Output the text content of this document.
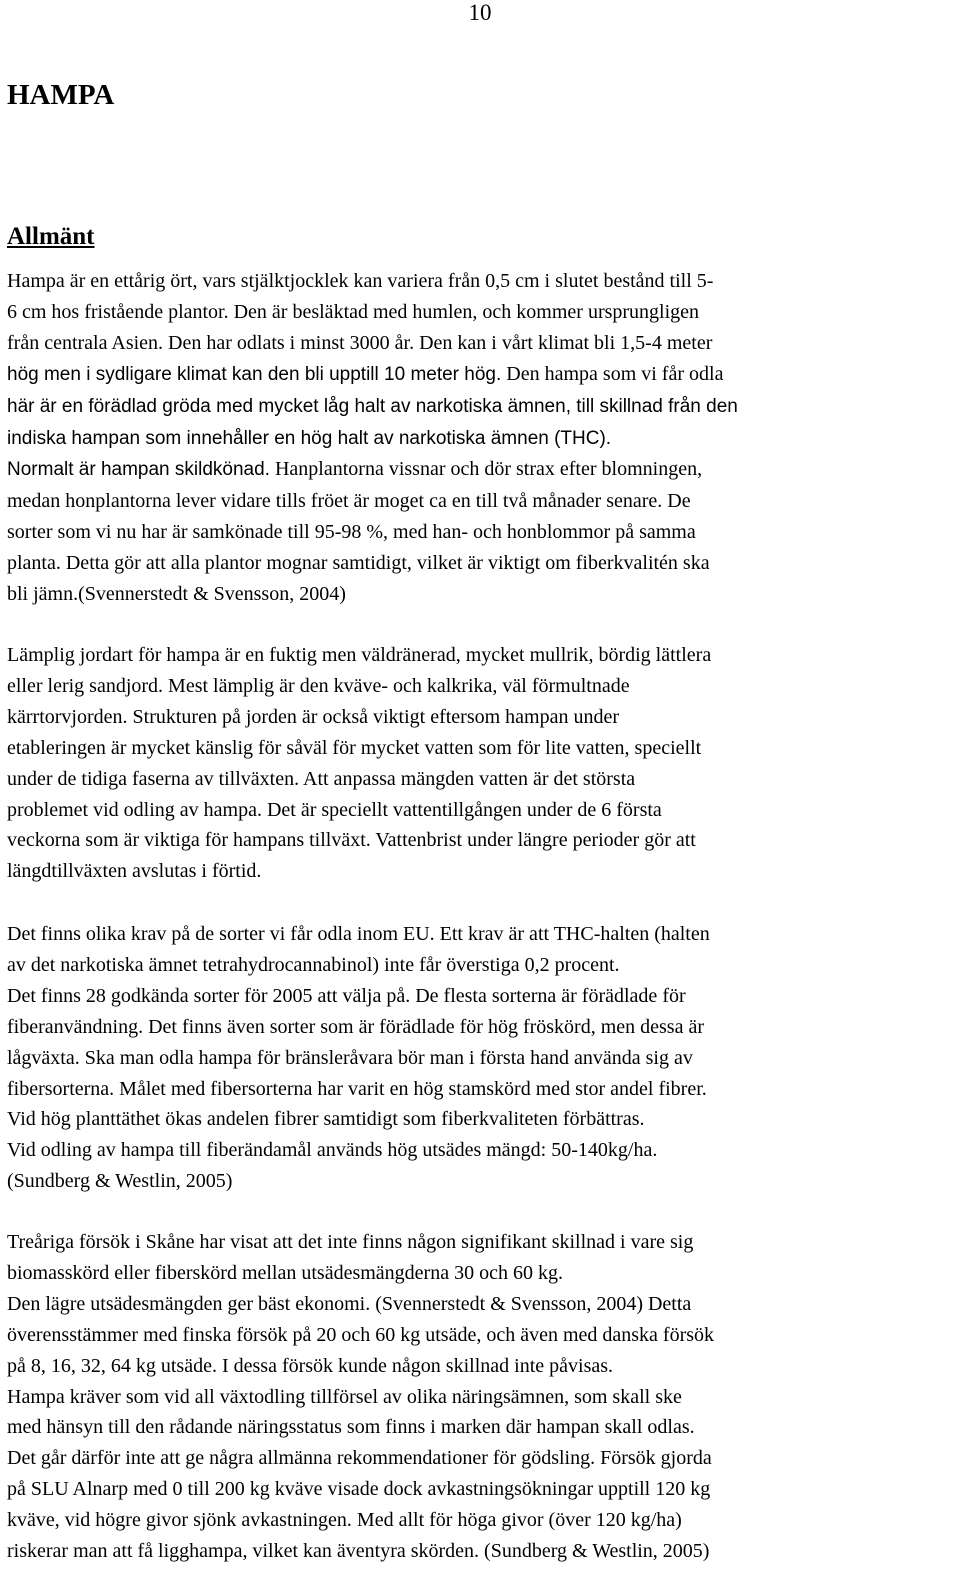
10
HAMPA
Allmänt
Hampa är en ettårig ört, vars stjälktjocklek kan variera från 0,5 cm i slutet bestånd till 5-
6 cm hos fristående plantor. Den är besläktad med humlen, och kommer ursprungligen
från centrala Asien. Den har odlats i minst 3000 år. Den kan i vårt klimat bli 1,5-4 meter
hög men i sydligare klimat kan den bli upptill 10 meter hög. Den hampa som vi får odla
här är en förädlad gröda med mycket låg halt av narkotiska ämnen, till skillnad från den
indiska hampan som innehåller en hög halt av narkotiska ämnen (THC).
Normalt är hampan skildkönad. Hanplantorna vissnar och dör strax efter blomningen,
medan honplantorna lever vidare tills fröet är moget ca en till två månader senare. De
sorter som vi nu har är samkönade till 95-98 %, med han- och honblommor på samma
planta. Detta gör att alla plantor mognar samtidigt, vilket är viktigt om fiberkvalitén ska
bli jämn.(Svennerstedt & Svensson, 2004)
Lämplig jordart för hampa är en fuktig men väldränerad, mycket mullrik, bördig lättlera
eller lerig sandjord. Mest lämplig är den kväve- och kalkrika, väl förmultnade
kärrtorvjorden. Strukturen på jorden är också viktigt eftersom hampan under
etableringen är mycket känslig för såväl för mycket vatten som för lite vatten, speciellt
under de tidiga faserna av tillväxten. Att anpassa mängden vatten är det största
problemet vid odling av hampa. Det är speciellt vattentillgången under de 6 första
veckorna som är viktiga för hampans tillväxt. Vattenbrist under längre perioder gör att
längdtillväxten avslutas i förtid.
Det finns olika krav på de sorter vi får odla inom EU. Ett krav är att THC-halten (halten
av det narkotiska ämnet tetrahydrocannabinol) inte får överstiga 0,2 procent.
Det finns 28 godkända sorter för 2005 att välja på. De flesta sorterna är förädlade för
fiberanvändning. Det finns även sorter som är förädlade för hög fröskörd, men dessa är
lågväxta. Ska man odla hampa för bränsleråvara bör man i första hand använda sig av
fibersorterna. Målet med fibersorterna har varit en hög stamskörd med stor andel fibrer.
Vid hög planttäthet ökas andelen fibrer samtidigt som fiberkvaliteten förbättras.
Vid odling av hampa till fiberändamål används hög utsädes mängd: 50-140kg/ha.
(Sundberg & Westlin, 2005)
Treåriga försök i Skåne har visat att det inte finns någon signifikant skillnad i vare sig
biomasskörd eller fiberskörd mellan utsädesmängderna 30 och 60 kg.
Den lägre utsädesmängden ger bäst ekonomi. (Svennerstedt & Svensson, 2004) Detta
överensstämmer med finska försök på 20 och 60 kg utsäde, och även med danska försök
på 8, 16, 32, 64 kg utsäde. I dessa försök kunde någon skillnad inte påvisas.
Hampa kräver som vid all växtodling tillförsel av olika näringsämnen, som skall ske
med hänsyn till den rådande näringsstatus som finns i marken där hampan skall odlas.
Det går därför inte att ge några allmänna rekommendationer för gödsling. Försök gjorda
på SLU Alnarp med 0 till 200 kg kväve visade dock avkastningsökningar upptill 120 kg
kväve, vid högre givor sjönk avkastningen. Med allt för höga givor (över 120 kg/ha)
riskerar man att få ligghampa, vilket kan äventyra skörden. (Sundberg & Westlin, 2005)
